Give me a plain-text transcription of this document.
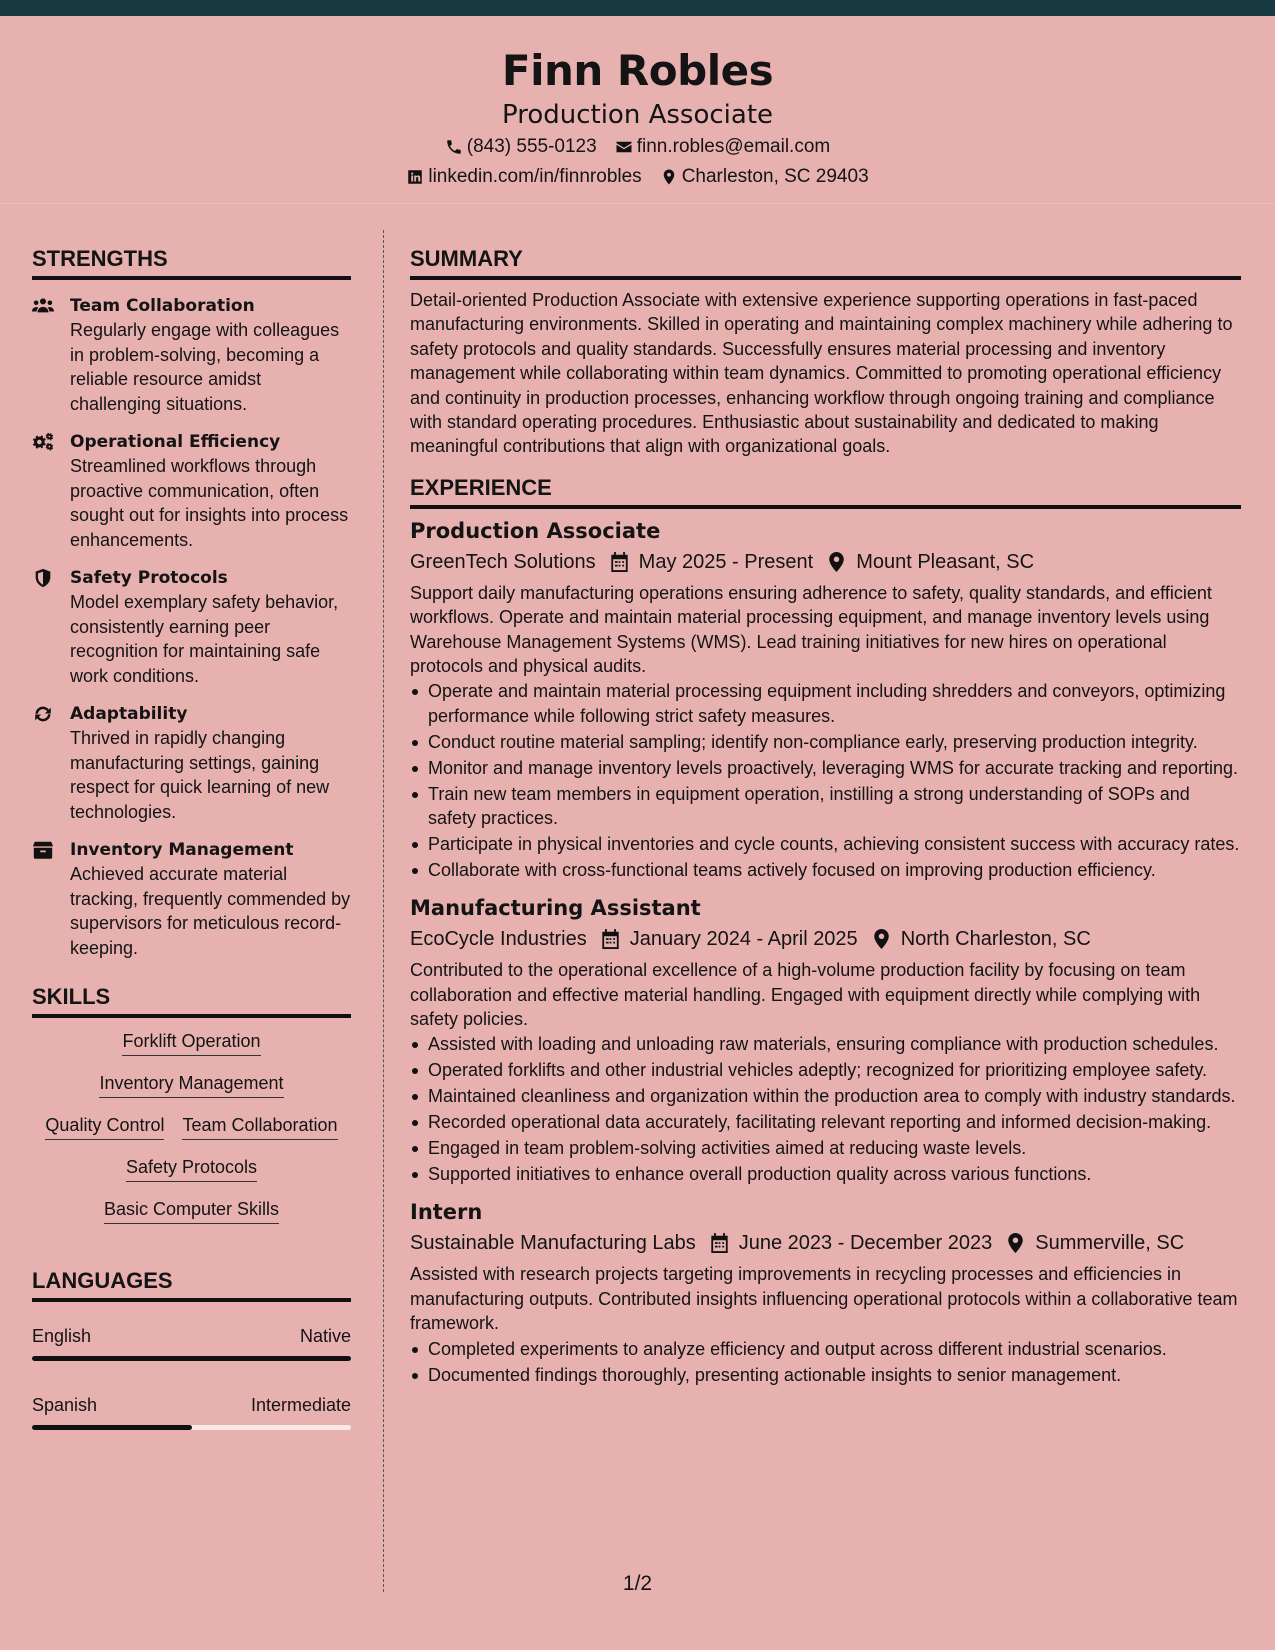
Finn Robles
Production Associate
(843) 555-0123 finn.robles@email.com
linkedin.com/in/finnrobles Charleston, SC 29403
STRENGTHS
Team Collaboration
Regularly engage with colleagues in problem-solving, becoming a reliable resource amidst challenging situations.
Operational Efficiency
Streamlined workflows through proactive communication, often sought out for insights into process enhancements.
Safety Protocols
Model exemplary safety behavior, consistently earning peer recognition for maintaining safe work conditions.
Adaptability
Thrived in rapidly changing manufacturing settings, gaining respect for quick learning of new technologies.
Inventory Management
Achieved accurate material tracking, frequently commended by supervisors for meticulous record-keeping.
SKILLS
Forklift Operation
Inventory Management
Quality Control Team Collaboration
Safety Protocols
Basic Computer Skills
LANGUAGES
English	Native
Spanish	Intermediate
SUMMARY
Detail-oriented Production Associate with extensive experience supporting operations in fast-paced manufacturing environments. Skilled in operating and maintaining complex machinery while adhering to safety protocols and quality standards. Successfully ensures material processing and inventory management while collaborating within team dynamics. Committed to promoting operational efficiency and continuity in production processes, enhancing workflow through ongoing training and compliance with standard operating procedures. Enthusiastic about sustainability and dedicated to making meaningful contributions that align with organizational goals.
EXPERIENCE
Production Associate
GreenTech Solutions May 2025 - Present Mount Pleasant, SC
Support daily manufacturing operations ensuring adherence to safety, quality standards, and efficient workflows. Operate and maintain material processing equipment, and manage inventory levels using Warehouse Management Systems (WMS). Lead training initiatives for new hires on operational protocols and physical audits.
Operate and maintain material processing equipment including shredders and conveyors, optimizing performance while following strict safety measures.
Conduct routine material sampling; identify non-compliance early, preserving production integrity.
Monitor and manage inventory levels proactively, leveraging WMS for accurate tracking and reporting.
Train new team members in equipment operation, instilling a strong understanding of SOPs and safety practices.
Participate in physical inventories and cycle counts, achieving consistent success with accuracy rates.
Collaborate with cross-functional teams actively focused on improving production efficiency.
Manufacturing Assistant
EcoCycle Industries January 2024 - April 2025 North Charleston, SC
Contributed to the operational excellence of a high-volume production facility by focusing on team collaboration and effective material handling. Engaged with equipment directly while complying with safety policies.
Assisted with loading and unloading raw materials, ensuring compliance with production schedules.
Operated forklifts and other industrial vehicles adeptly; recognized for prioritizing employee safety.
Maintained cleanliness and organization within the production area to comply with industry standards.
Recorded operational data accurately, facilitating relevant reporting and informed decision-making.
Engaged in team problem-solving activities aimed at reducing waste levels.
Supported initiatives to enhance overall production quality across various functions.
Intern
Sustainable Manufacturing Labs June 2023 - December 2023 Summerville, SC
Assisted with research projects targeting improvements in recycling processes and efficiencies in manufacturing outputs. Contributed insights influencing operational protocols within a collaborative team framework.
Completed experiments to analyze efficiency and output across different industrial scenarios.
Documented findings thoroughly, presenting actionable insights to senior management.
1/2
